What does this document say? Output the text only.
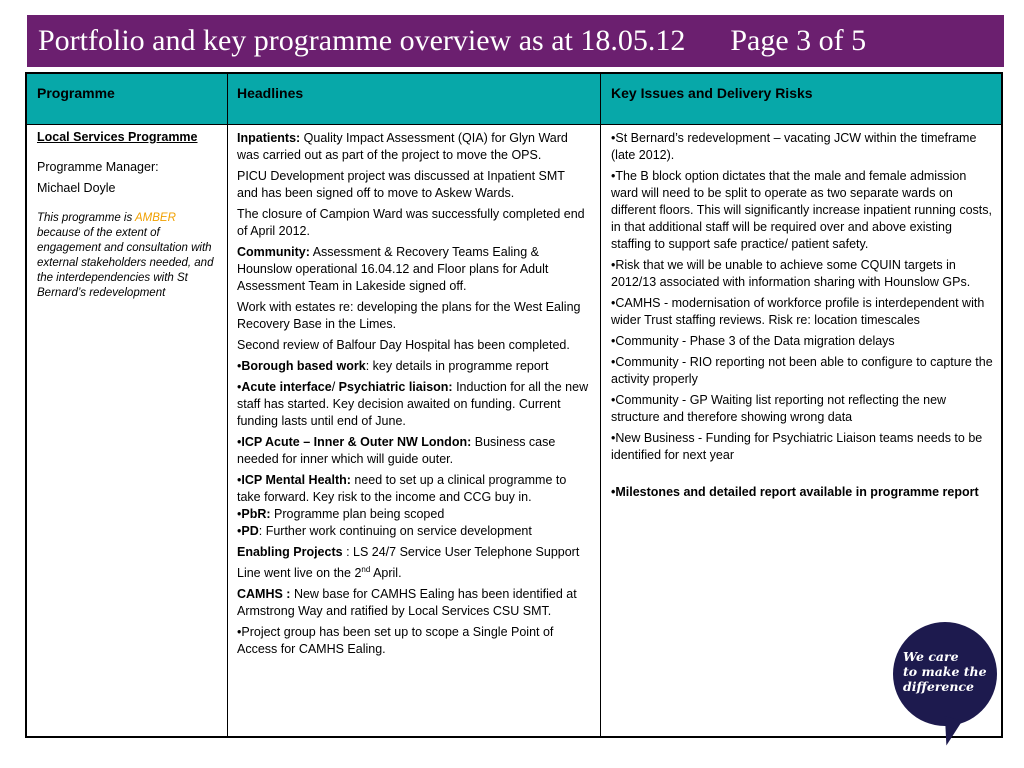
Portfolio and key programme overview as at 18.05.12      Page 3 of 5
Programme	Headlines	Key Issues and Delivery Risks

Local Services Programme

Programme Manager:

Michael Doyle

This programme is AMBER because of the extent of engagement and consultation with external stakeholders needed, and the interdependencies with St Bernard’s redevelopment

Inpatients: Quality Impact Assessment (QIA) for Glyn Ward was carried out as part of the project to move the OPS.

PICU Development project was discussed at Inpatient SMT and has been signed off to move to Askew Wards.

The closure of Campion Ward was successfully completed end of April 2012.

Community: Assessment & Recovery Teams Ealing & Hounslow operational 16.04.12 and Floor plans for Adult Assessment Team in Lakeside signed off.

Work with estates re: developing the plans for the West Ealing Recovery Base in the Limes.

Second review of Balfour Day Hospital has been completed.

•Borough based work: key details in programme report

•Acute interface/ Psychiatric liaison: Induction for all the new staff has started. Key decision awaited on funding. Current funding lasts until end of June.

•ICP Acute – Inner & Outer NW London: Business case needed for inner which will guide outer.

•ICP Mental Health: need to set up a clinical programme to take forward. Key risk to the income and CCG buy in.

•PbR: Programme plan being scoped

•PD: Further work continuing on service development

Enabling Projects : LS 24/7 Service User Telephone Support Line went live on the 2nd April.

CAMHS : New base for CAMHS Ealing has been identified at Armstrong Way and ratified by Local Services CSU SMT.

•Project group has been set up to scope a Single Point of Access for CAMHS Ealing.

•St Bernard’s redevelopment – vacating JCW within the timeframe (late 2012).

•The B block option dictates that the male and female admission ward will need to be split to operate as two separate wards on different floors. This will significantly increase inpatient running costs, in that additional staff will be required over and above existing staffing to support safe practice/ patient safety.

•Risk that we will be unable to achieve some CQUIN targets in 2012/13 associated with information sharing with Hounslow GPs.

•CAMHS - modernisation of workforce profile is interdependent with wider Trust staffing reviews. Risk re: location timescales

•Community - Phase 3 of the Data migration delays

•Community - RIO reporting not been able to configure to capture the activity properly

•Community - GP Waiting list reporting not reflecting the new structure and therefore showing wrong data

•New Business - Funding for Psychiatric Liaison teams needs to be identified for next year

•Milestones and detailed report available in programme report

We care
to make the
difference
